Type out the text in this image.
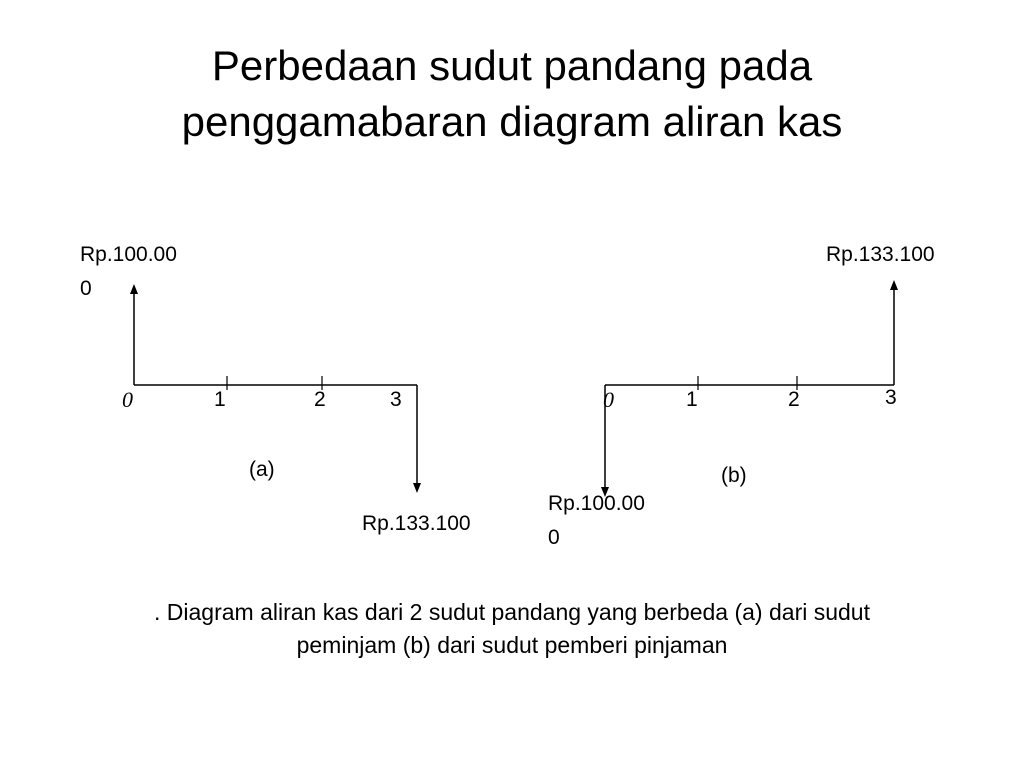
Perbedaan sudut pandang pada
penggamabaran diagram aliran kas
Rp.100.00
0
0	1	2	3
(a)
Rp.133.100
Rp.133.100
0	1	2	3
(b)
Rp.100.00
0
. Diagram aliran kas dari 2 sudut pandang yang berbeda (a) dari sudut
peminjam (b) dari sudut pemberi pinjaman
